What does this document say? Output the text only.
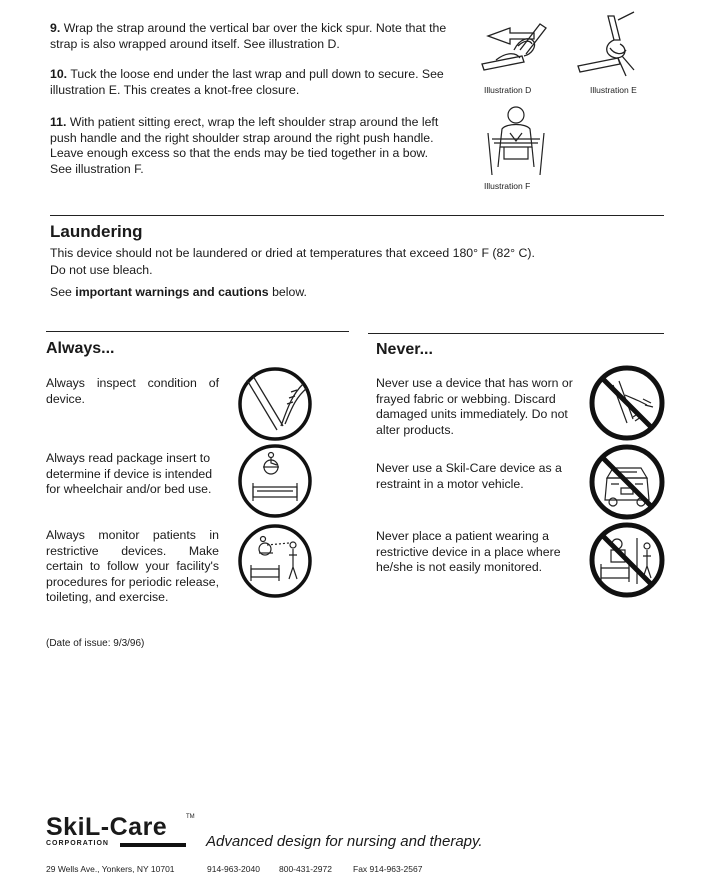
9. Wrap the strap around the vertical bar over the kick spur. Note that the strap is also wrapped around itself. See illustration D.
10. Tuck the loose end under the last wrap and pull down to secure. See illustration E. This creates a knot-free closure.
11. With patient sitting erect, wrap the left shoulder strap around the left push handle and the right shoulder strap around the right push handle. Leave enough excess so that the ends may be tied together in a bow. See illustration F.
Illustration D	Illustration E
Illustration F
Laundering
This device should not be laundered or dried at temperatures that exceed 180° F (82° C).
Do not use bleach.
See important warnings and cautions below.
Always...	Never...
Always inspect condition of device.
Always read package insert to determine if device is intended for wheelchair and/or bed use.
Always monitor patients in restrictive devices. Make certain to follow your facility's procedures for periodic release, toileting, and exercise.
Never use a device that has worn or frayed fabric or webbing. Discard damaged units immediately. Do not alter products.
Never use a Skil-Care device as a restraint in a motor vehicle.
Never place a patient wearing a restrictive device in a place where he/she is not easily monitored.
(Date of issue: 9/3/96)
SkiL-Care	TM
CORPORATION	Advanced design for nursing and therapy.
29 Wells Ave., Yonkers, NY 10701	914-963-2040 800-431-2972 Fax 914-963-2567
